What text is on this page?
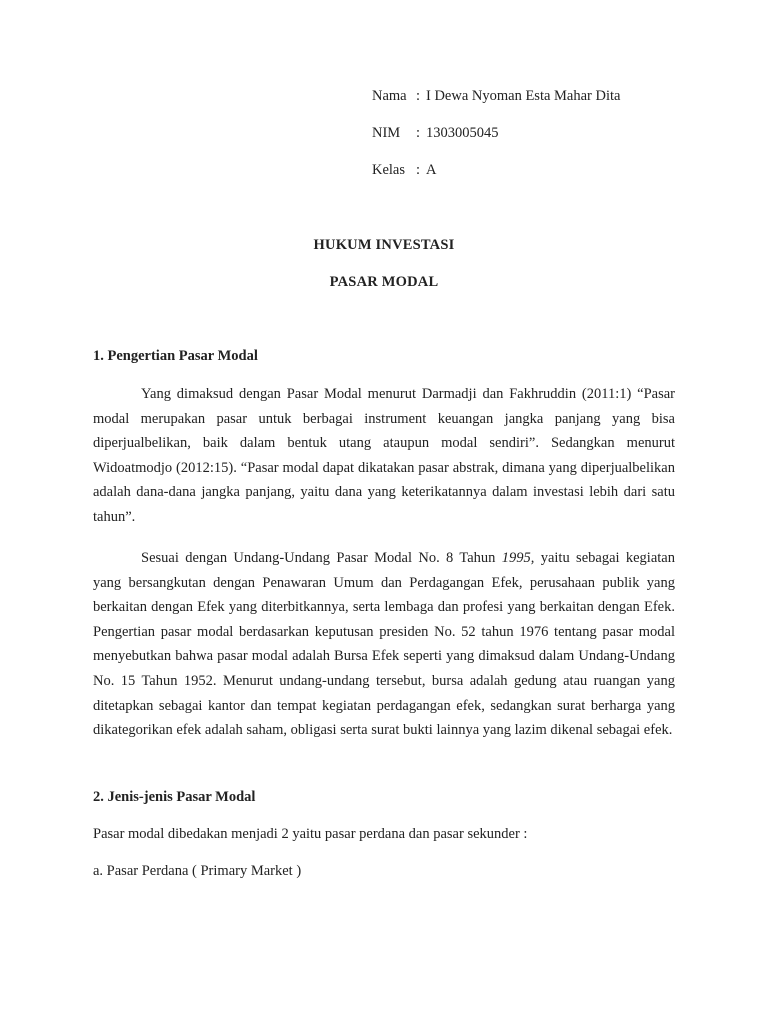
Nama : I Dewa Nyoman Esta Mahar Dita
NIM : 1303005045
Kelas : A
HUKUM INVESTASI
PASAR MODAL
1. Pengertian Pasar Modal

Yang dimaksud dengan Pasar Modal menurut Darmadji dan Fakhruddin (2011:1) “Pasar modal merupakan pasar untuk berbagai instrument keuangan jangka panjang yang bisa diperjualbelikan, baik dalam bentuk utang ataupun modal sendiri”. Sedangkan menurut Widoatmodjo (2012:15). “Pasar modal dapat dikatakan pasar abstrak, dimana yang diperjualbelikan adalah dana-dana jangka panjang, yaitu dana yang keterikatannya dalam investasi lebih dari satu tahun”.

Sesuai dengan Undang-Undang Pasar Modal No. 8 Tahun 1995, yaitu sebagai kegiatan yang bersangkutan dengan Penawaran Umum dan Perdagangan Efek, perusahaan publik yang berkaitan dengan Efek yang diterbitkannya, serta lembaga dan profesi yang berkaitan dengan Efek. Pengertian pasar modal berdasarkan keputusan presiden No. 52 tahun 1976 tentang pasar modal menyebutkan bahwa pasar modal adalah Bursa Efek seperti yang dimaksud dalam Undang-Undang No. 15 Tahun 1952. Menurut undang-undang tersebut, bursa adalah gedung atau ruangan yang ditetapkan sebagai kantor dan tempat kegiatan perdagangan efek, sedangkan surat berharga yang dikategorikan efek adalah saham, obligasi serta surat bukti lainnya yang lazim dikenal sebagai efek.

2. Jenis-jenis Pasar Modal
Pasar modal dibedakan menjadi 2 yaitu pasar perdana dan pasar sekunder :
a. Pasar Perdana ( Primary Market )
